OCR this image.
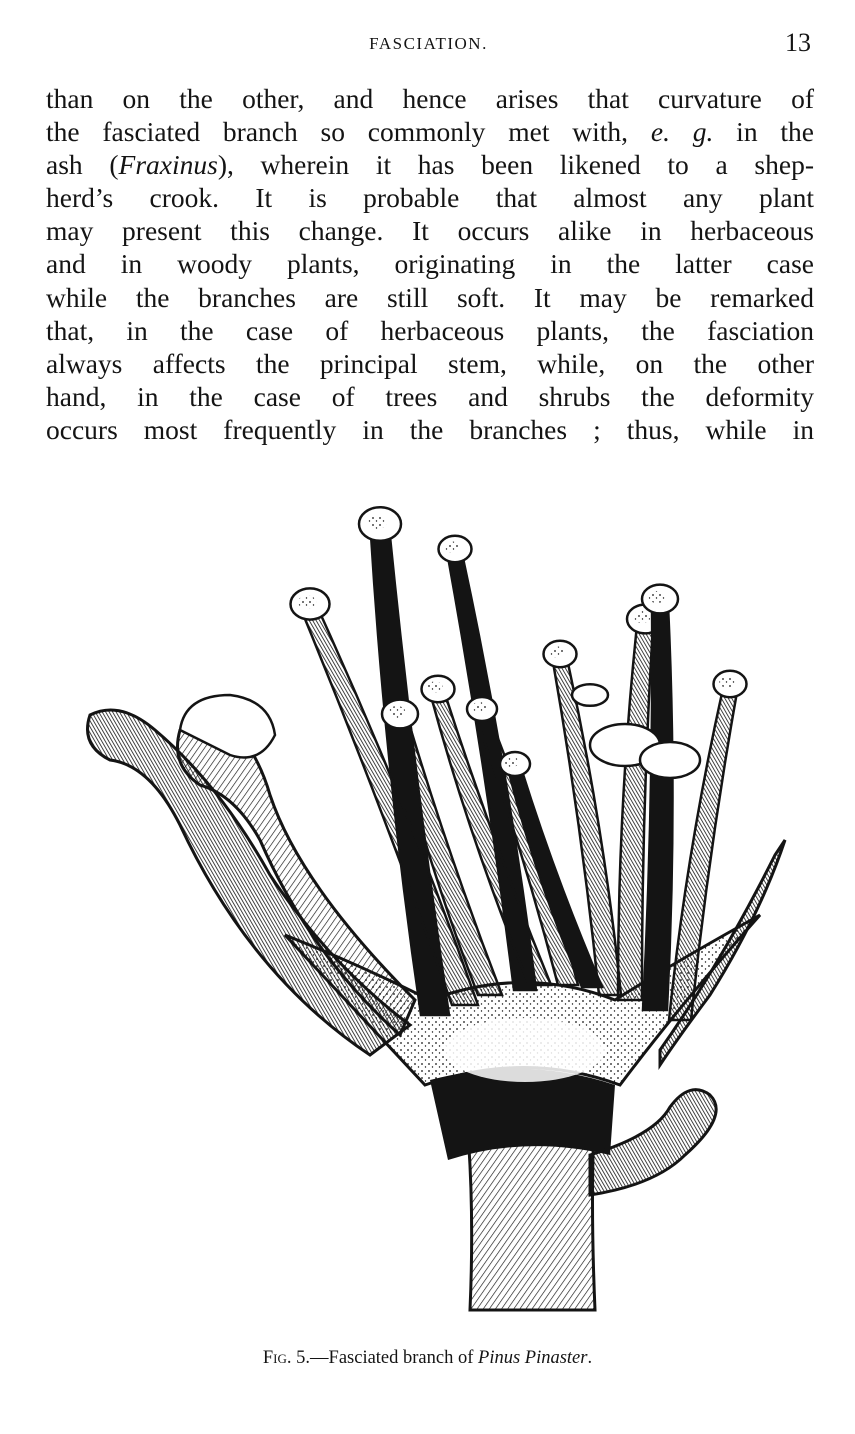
FASCIATION.	13
than on the other, and hence arises that curvature of
the fasciated branch so commonly met with, e. g. in the
ash (Fraxinus), wherein it has been likened to a shep-
herd’s crook. It is probable that almost any plant
may present this change. It occurs alike in herbaceous
and in woody plants, originating in the latter case
while the branches are still soft. It may be remarked
that, in the case of herbaceous plants, the fasciation
always affects the principal stem, while, on the other
hand, in the case of trees and shrubs the deformity
occurs most frequently in the branches ; thus, while in
Fig. 5.—Fasciated branch of Pinus Pinaster.
